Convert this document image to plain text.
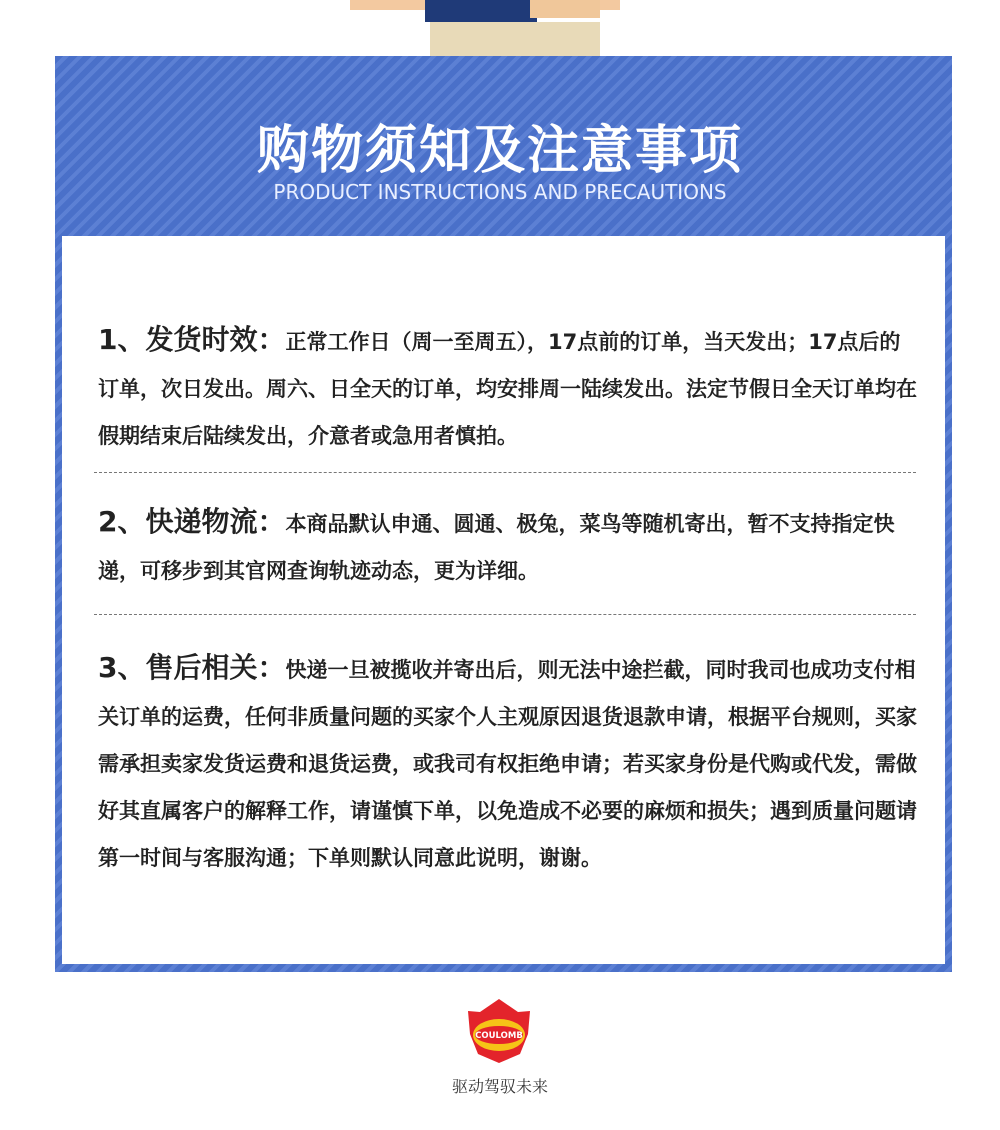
购物须知及注意事项
PRODUCT INSTRUCTIONS AND PRECAUTIONS
1、发货时效：正常工作日（周一至周五），17点前的订单，当天发出；17点后的订单，次日发出。周六、日全天的订单，均安排周一陆续发出。法定节假日全天订单均在假期结束后陆续发出，介意者或急用者慎拍。
2、快递物流：本商品默认申通、圆通、极兔，菜鸟等随机寄出，暂不支持指定快递，可移步到其官网查询轨迹动态，更为详细。
3、售后相关：快递一旦被揽收并寄出后，则无法中途拦截，同时我司也成功支付相关订单的运费，任何非质量问题的买家个人主观原因退货退款申请，根据平台规则，买家需承担卖家发货运费和退货运费，或我司有权拒绝申请；若买家身份是代购或代发，需做好其直属客户的解释工作，请谨慎下单，以免造成不必要的麻烦和损失；遇到质量问题请第一时间与客服沟通；下单则默认同意此说明，谢谢。
COULOMB
驱动驾驭未来
